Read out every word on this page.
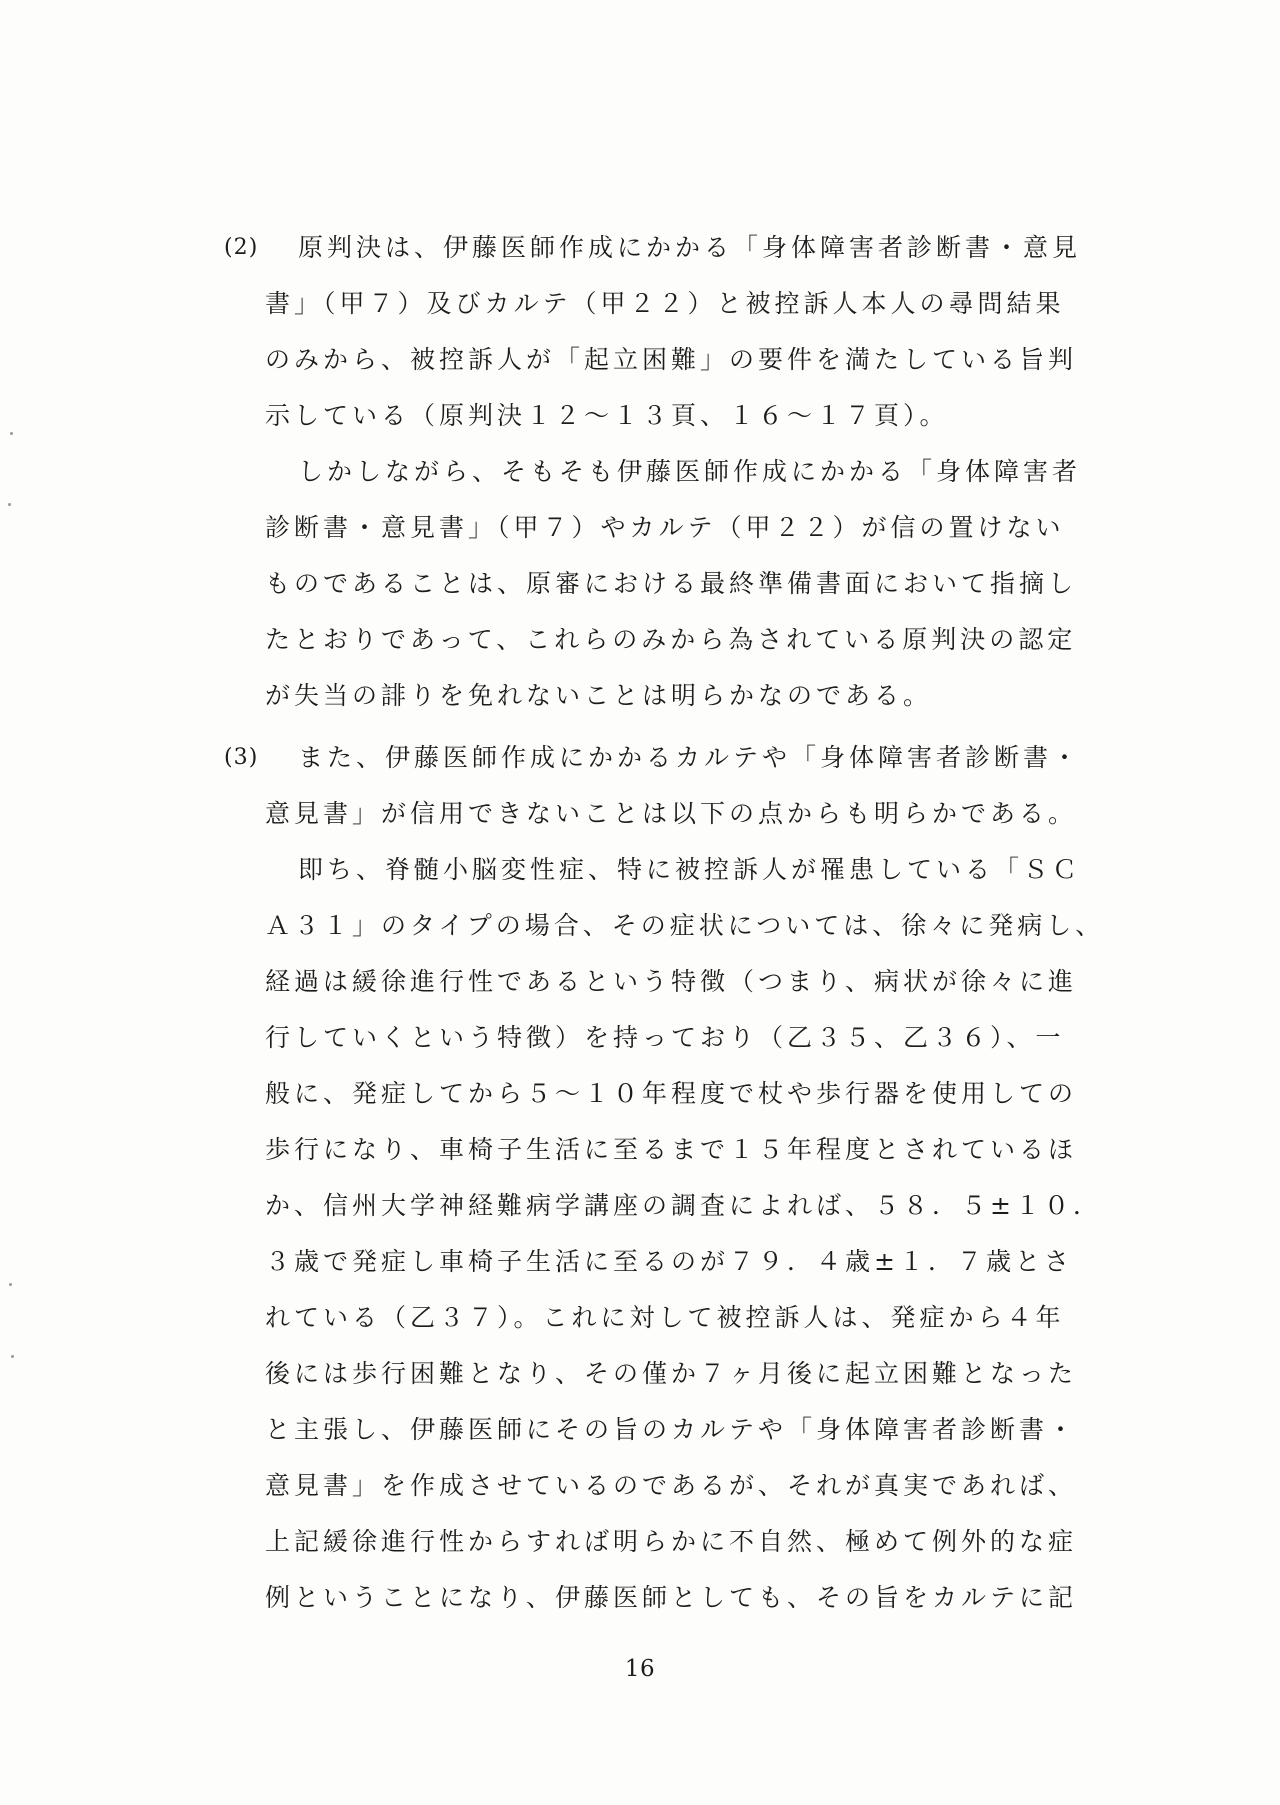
(2) 原判決は、伊藤医師作成にかかる「身体障害者診断書・意見
書」（甲７）及びカルテ（甲２２）と被控訴人本人の尋問結果
のみから、被控訴人が「起立困難」の要件を満たしている旨判
示している（原判決１２～１３頁、１６～１７頁）。
しかしながら、そもそも伊藤医師作成にかかる「身体障害者
診断書・意見書」（甲７）やカルテ（甲２２）が信の置けない
ものであることは、原審における最終準備書面において指摘し
たとおりであって、これらのみから為されている原判決の認定
が失当の誹りを免れないことは明らかなのである。
(3) また、伊藤医師作成にかかるカルテや「身体障害者診断書・
意見書」が信用できないことは以下の点からも明らかである。
即ち、脊髄小脳変性症、特に被控訴人が罹患している「ＳＣ
Ａ３１」のタイプの場合、その症状については、徐々に発病し、
経過は緩徐進行性であるという特徴（つまり、病状が徐々に進
行していくという特徴）を持っており（乙３５、乙３６）、一
般に、発症してから５～１０年程度で杖や歩行器を使用しての
歩行になり、車椅子生活に至るまで１５年程度とされているほ
か、信州大学神経難病学講座の調査によれば、５８．５±１０．
３歳で発症し車椅子生活に至るのが７９．４歳±１．７歳とさ
れている（乙３７）。これに対して被控訴人は、発症から４年
後には歩行困難となり、その僅か７ヶ月後に起立困難となった
と主張し、伊藤医師にその旨のカルテや「身体障害者診断書・
意見書」を作成させているのであるが、それが真実であれば、
上記緩徐進行性からすれば明らかに不自然、極めて例外的な症
例ということになり、伊藤医師としても、その旨をカルテに記
16
